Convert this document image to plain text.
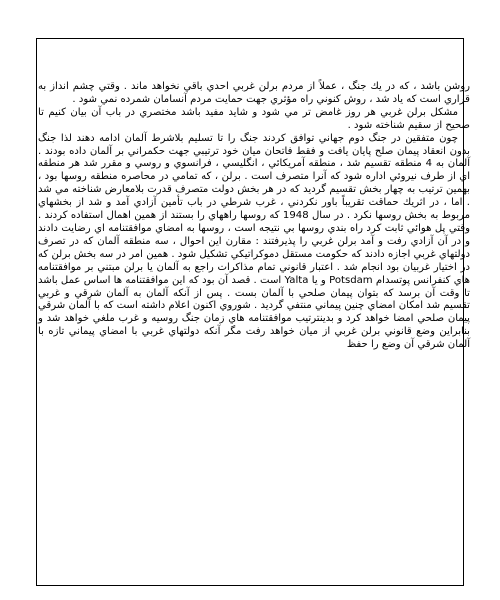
روشن باشد ، كه در يك جنگ ، عملاً از مردم برلن غربي احدي باقي نخواهد ماند . وقتي چشم انداز به قراري است كه ياد شد ، روش كنوني راه مؤثري جهت حمايت مردم آنسامان شمرده نمي شود .

مشكل برلن غربي هر روز غامض تر مي شود و شايد مفيد باشد مختصري در باب آن بيان كنيم تا صحيح از سقيم شناخته شود .

چون متفقين در جنگ دوم جهاني توافق كردند جنگ را تا تسليم بلاشرط آلمان ادامه دهند لذا جنگ بدون انعقاد پيمان صلح پايان يافت و فقط فاتحان ميان خود ترتيبي جهت حكمراني بر آلمان داده بودند . آلمان به 4 منطقه تقسيم شد ، منطقه آمريكائي ، انگليسي ، فرانسوي و روسي و مقرر شد هر منطقه اي از طرف نيروئي اداره شود كه آنرا متصرف است . برلن ، كه تمامي در محاصره منطقه روسها بود ، بهمين ترتيب به چهار بخش تقسيم گرديد كه در هر بخش دولت متصرف قدرت بلامعارض شناخته مي شد . اما ، در اثريك حماقت تقريباً باور نكردني ، غرب شرطي در باب تأمين آزادي آمد و شد از بخشهاي مربوط به بخش روسها نكرد . در سال 1948 كه روسها راههاي را بستند از همين اهمال استفاده كردند . وقتي پل هوائي ثابت كرد راه بندي روسها بي نتيجه است ، روسها به امضاي موافقتنامه اي رضايت دادند و در آن آزادي رفت و آمد برلن غربي را پذيرفتند : مقارن اين احوال ، سه منطقه آلمان كه در تصرف دولتهاي غربي اجازه دادند كه حكومت مستقل دموكراتيكي تشكيل شود . همين امر در سه بخش برلن كه در اختيار غربيان بود انجام شد . اعتبار قانوني تمام مذاكرات راجع به آلمان يا برلن مبتني بر موافقتنامه هاي كنفرانس پوتسدام Potsdam و يا Yalta است . قصد آن بود كه اين موافقتنامه ها اساس عمل باشد تا وقت آن برسد كه بتوان پيمان صلحي با آلمان بست . پس از آنكه آلمان به آلمان شرقي و غربي تقسيم شد امكان امضاي چنين پيماني منتفي گرديد . شوروي اكنون اعلام داشته است كه با آلمان شرقي پيمان صلحي امضا خواهد كرد و بدينترتيب موافقتنامه هاي زمان جنگ روسيه و غرب ملغي خواهد شد و بنابراين وضع قانوني برلن غربي از ميان خواهد رفت مگر آنكه دولتهاي غربي با امضاي پيماني تازه با آلمان شرقي آن وضع را حفظ
